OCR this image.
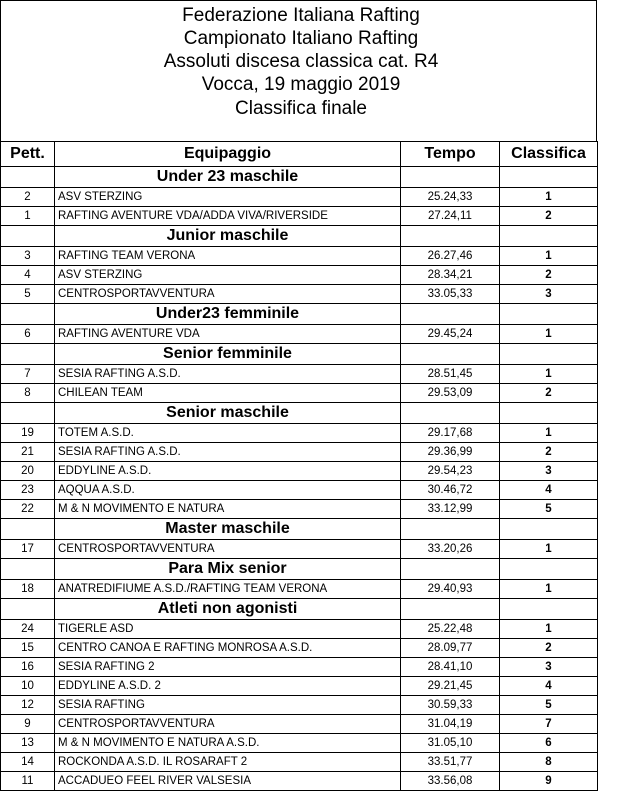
Federazione Italiana Rafting
Campionato Italiano Rafting
Assoluti discesa classica cat. R4
Vocca, 19 maggio 2019
Classifica finale
Pett.	Equipaggio	Tempo	Classifica
	Under 23 maschile		
2	ASV STERZING	25.24,33	1
1	RAFTING AVENTURE VDA/ADDA VIVA/RIVERSIDE	27.24,11	2
	Junior maschile		
3	RAFTING TEAM VERONA	26.27,46	1
4	ASV STERZING	28.34,21	2
5	CENTROSPORTAVVENTURA	33.05,33	3
	Under23 femminile		
6	RAFTING AVENTURE VDA	29.45,24	1
	Senior femminile		
7	SESIA RAFTING A.S.D.	28.51,45	1
8	CHILEAN TEAM	29.53,09	2
	Senior maschile		
19	TOTEM A.S.D.	29.17,68	1
21	SESIA RAFTING A.S.D.	29.36,99	2
20	EDDYLINE A.S.D.	29.54,23	3
23	AQQUA A.S.D.	30.46,72	4
22	M & N MOVIMENTO E NATURA	33.12,99	5
	Master maschile		
17	CENTROSPORTAVVENTURA	33.20,26	1
	Para Mix senior		
18	ANATREDIFIUME A.S.D./RAFTING TEAM VERONA	29.40,93	1
	Atleti non agonisti		
24	TIGERLE ASD	25.22,48	1
15	CENTRO CANOA E RAFTING MONROSA A.S.D.	28.09,77	2
16	SESIA RAFTING 2	28.41,10	3
10	EDDYLINE A.S.D. 2	29.21,45	4
12	SESIA RAFTING	30.59,33	5
9	CENTROSPORTAVVENTURA	31.04,19	7
13	M & N MOVIMENTO E NATURA A.S.D.	31.05,10	6
14	ROCKONDA A.S.D. IL ROSARAFT 2	33.51,77	8
11	ACCADUEO FEEL RIVER VALSESIA	33.56,08	9
